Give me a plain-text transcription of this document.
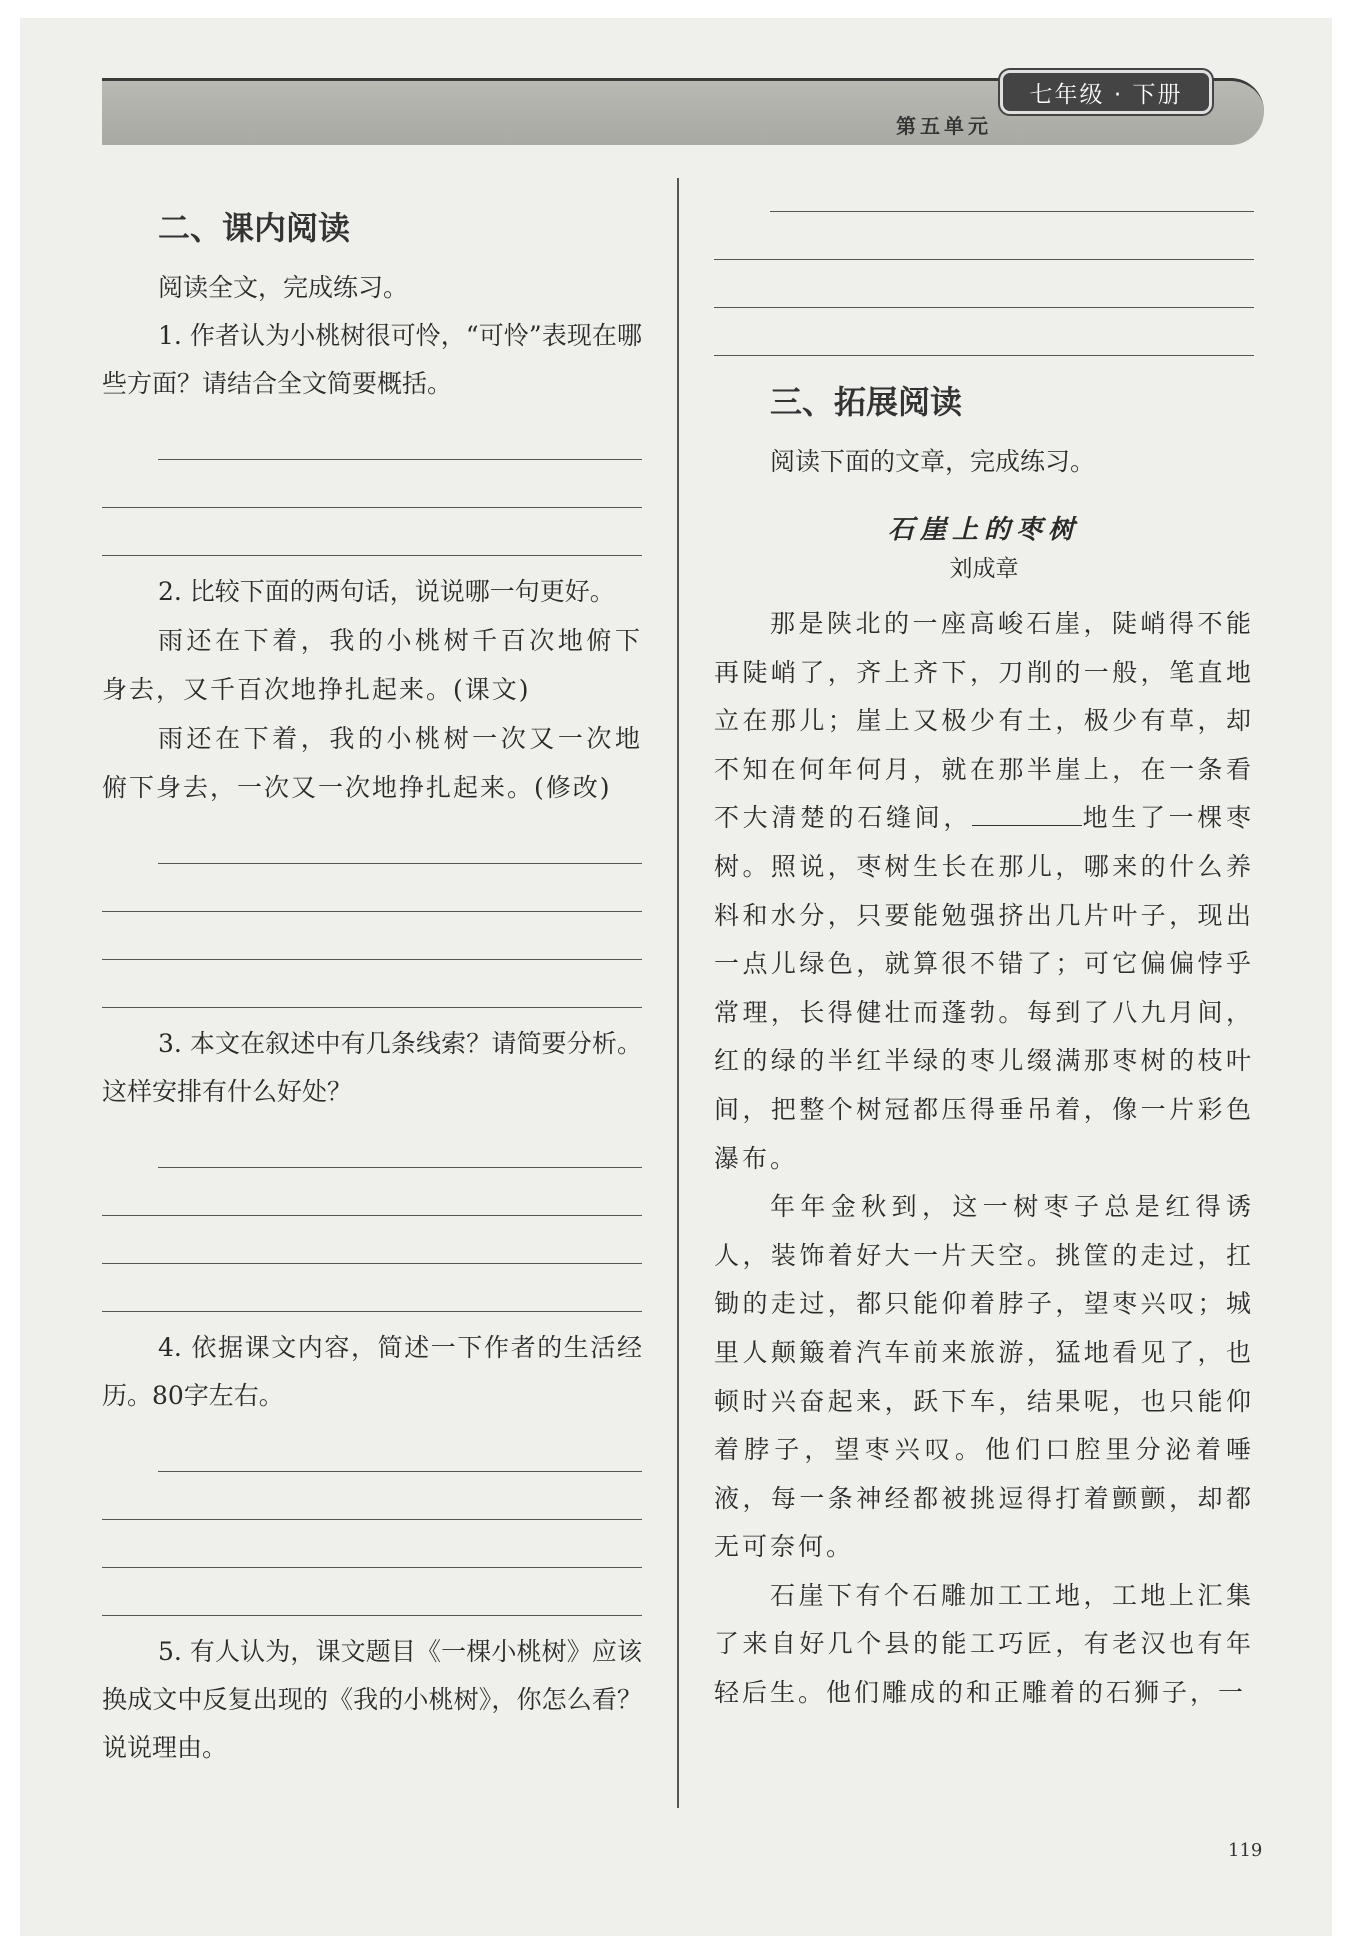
七年级 · 下册
第五单元
二、课内阅读
阅读全文，完成练习。
1. 作者认为小桃树很可怜，“可怜”表现在哪些方面？请结合全文简要概括。
2. 比较下面的两句话，说说哪一句更好。
雨还在下着，我的小桃树千百次地俯下身去，又千百次地挣扎起来。(课文)
雨还在下着，我的小桃树一次又一次地俯下身去，一次又一次地挣扎起来。(修改)
3. 本文在叙述中有几条线索？请简要分析。这样安排有什么好处？
4. 依据课文内容，简述一下作者的生活经历。80字左右。
5. 有人认为，课文题目《一棵小桃树》应该换成文中反复出现的《我的小桃树》，你怎么看？说说理由。
三、拓展阅读
阅读下面的文章，完成练习。
石崖上的枣树
刘成章
那是陕北的一座高峻石崖，陡峭得不能再陡峭了，齐上齐下，刀削的一般，笔直地立在那儿；崖上又极少有土，极少有草，却不知在何年何月，就在那半崖上，在一条看不大清楚的石缝间，	地生了一棵枣树。照说，枣树生长在那儿，哪来的什么养料和水分，只要能勉强挤出几片叶子，现出一点儿绿色，就算很不错了；可它偏偏悖乎常理，长得健壮而蓬勃。每到了八九月间，红的绿的半红半绿的枣儿缀满那枣树的枝叶间，把整个树冠都压得垂吊着，像一片彩色瀑布。
年年金秋到，这一树枣子总是红得诱人，装饰着好大一片天空。挑筐的走过，扛锄的走过，都只能仰着脖子，望枣兴叹；城里人颠簸着汽车前来旅游，猛地看见了，也顿时兴奋起来，跃下车，结果呢，也只能仰着脖子，望枣兴叹。他们口腔里分泌着唾液，每一条神经都被挑逗得打着颤颤，却都无可奈何。
石崖下有个石雕加工工地，工地上汇集了来自好几个县的能工巧匠，有老汉也有年轻后生。他们雕成的和正雕着的石狮子，一
119
